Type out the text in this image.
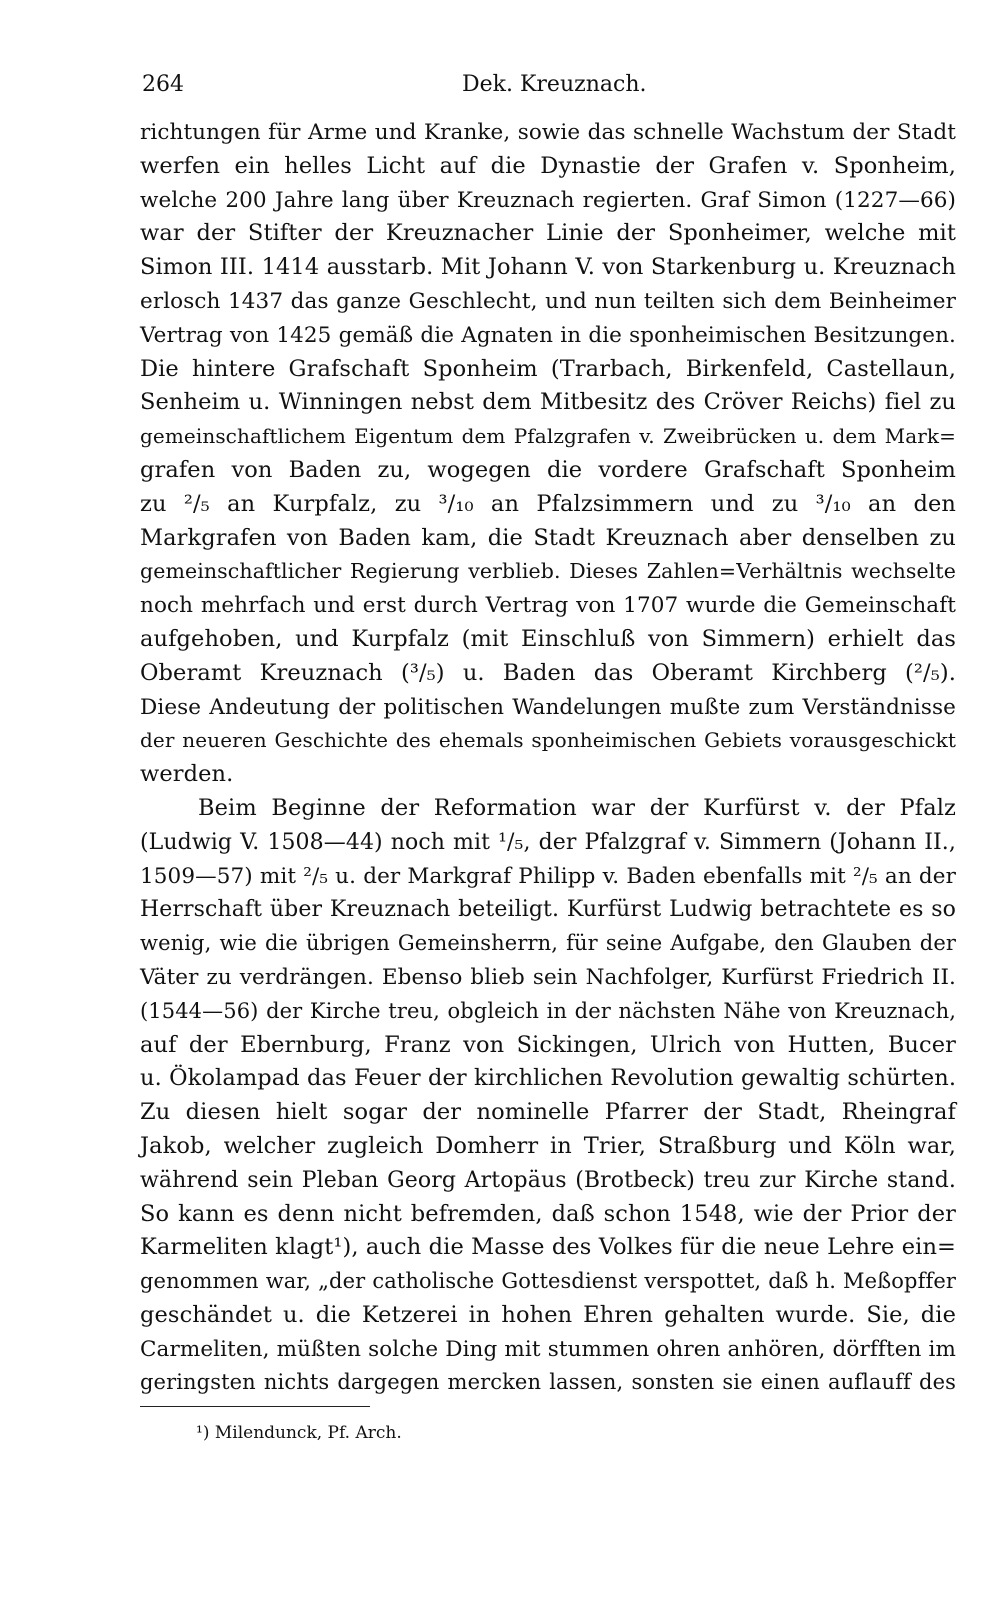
264	Dek. Kreuznach.
richtungen für Arme und Kranke, sowie das schnelle Wachstum der Stadt
werfen ein helles Licht auf die Dynastie der Grafen v. Sponheim,
welche 200 Jahre lang über Kreuznach regierten. Graf Simon (1227—66)
war der Stifter der Kreuznacher Linie der Sponheimer, welche mit
Simon III. 1414 ausstarb. Mit Johann V. von Starkenburg u. Kreuznach
erlosch 1437 das ganze Geschlecht, und nun teilten sich dem Beinheimer
Vertrag von 1425 gemäß die Agnaten in die sponheimischen Besitzungen.
Die hintere Grafschaft Sponheim (Trarbach, Birkenfeld, Castellaun,
Senheim u. Winningen nebst dem Mitbesitz des Cröver Reichs) fiel zu
gemeinschaftlichem Eigentum dem Pfalzgrafen v. Zweibrücken u. dem Mark=
grafen von Baden zu, wogegen die vordere Grafschaft Sponheim
zu ²/₅ an Kurpfalz, zu ³/₁₀ an Pfalzsimmern und zu ³/₁₀ an den
Markgrafen von Baden kam, die Stadt Kreuznach aber denselben zu
gemeinschaftlicher Regierung verblieb. Dieses Zahlen=Verhältnis wechselte
noch mehrfach und erst durch Vertrag von 1707 wurde die Gemeinschaft
aufgehoben, und Kurpfalz (mit Einschluß von Simmern) erhielt das
Oberamt Kreuznach (³/₅) u. Baden das Oberamt Kirchberg (²/₅).
Diese Andeutung der politischen Wandelungen mußte zum Verständnisse
der neueren Geschichte des ehemals sponheimischen Gebiets vorausgeschickt
werden.
Beim Beginne der Reformation war der Kurfürst v. der Pfalz
(Ludwig V. 1508—44) noch mit ¹/₅, der Pfalzgraf v. Simmern (Johann II.,
1509—57) mit ²/₅ u. der Markgraf Philipp v. Baden ebenfalls mit ²/₅ an der
Herrschaft über Kreuznach beteiligt. Kurfürst Ludwig betrachtete es so
wenig, wie die übrigen Gemeinsherrn, für seine Aufgabe, den Glauben der
Väter zu verdrängen. Ebenso blieb sein Nachfolger, Kurfürst Friedrich II.
(1544—56) der Kirche treu, obgleich in der nächsten Nähe von Kreuznach,
auf der Ebernburg, Franz von Sickingen, Ulrich von Hutten, Bucer
u. Ökolampad das Feuer der kirchlichen Revolution gewaltig schürten.
Zu diesen hielt sogar der nominelle Pfarrer der Stadt, Rheingraf
Jakob, welcher zugleich Domherr in Trier, Straßburg und Köln war,
während sein Pleban Georg Artopäus (Brotbeck) treu zur Kirche stand.
So kann es denn nicht befremden, daß schon 1548, wie der Prior der
Karmeliten klagt¹), auch die Masse des Volkes für die neue Lehre ein=
genommen war, „der catholische Gottesdienst verspottet, daß h. Meßopffer
geschändet u. die Ketzerei in hohen Ehren gehalten wurde. Sie, die
Carmeliten, müßten solche Ding mit stummen ohren anhören, dörfften im
geringsten nichts dargegen mercken lassen, sonsten sie einen auflauff des
¹) Milendunck, Pf. Arch.
